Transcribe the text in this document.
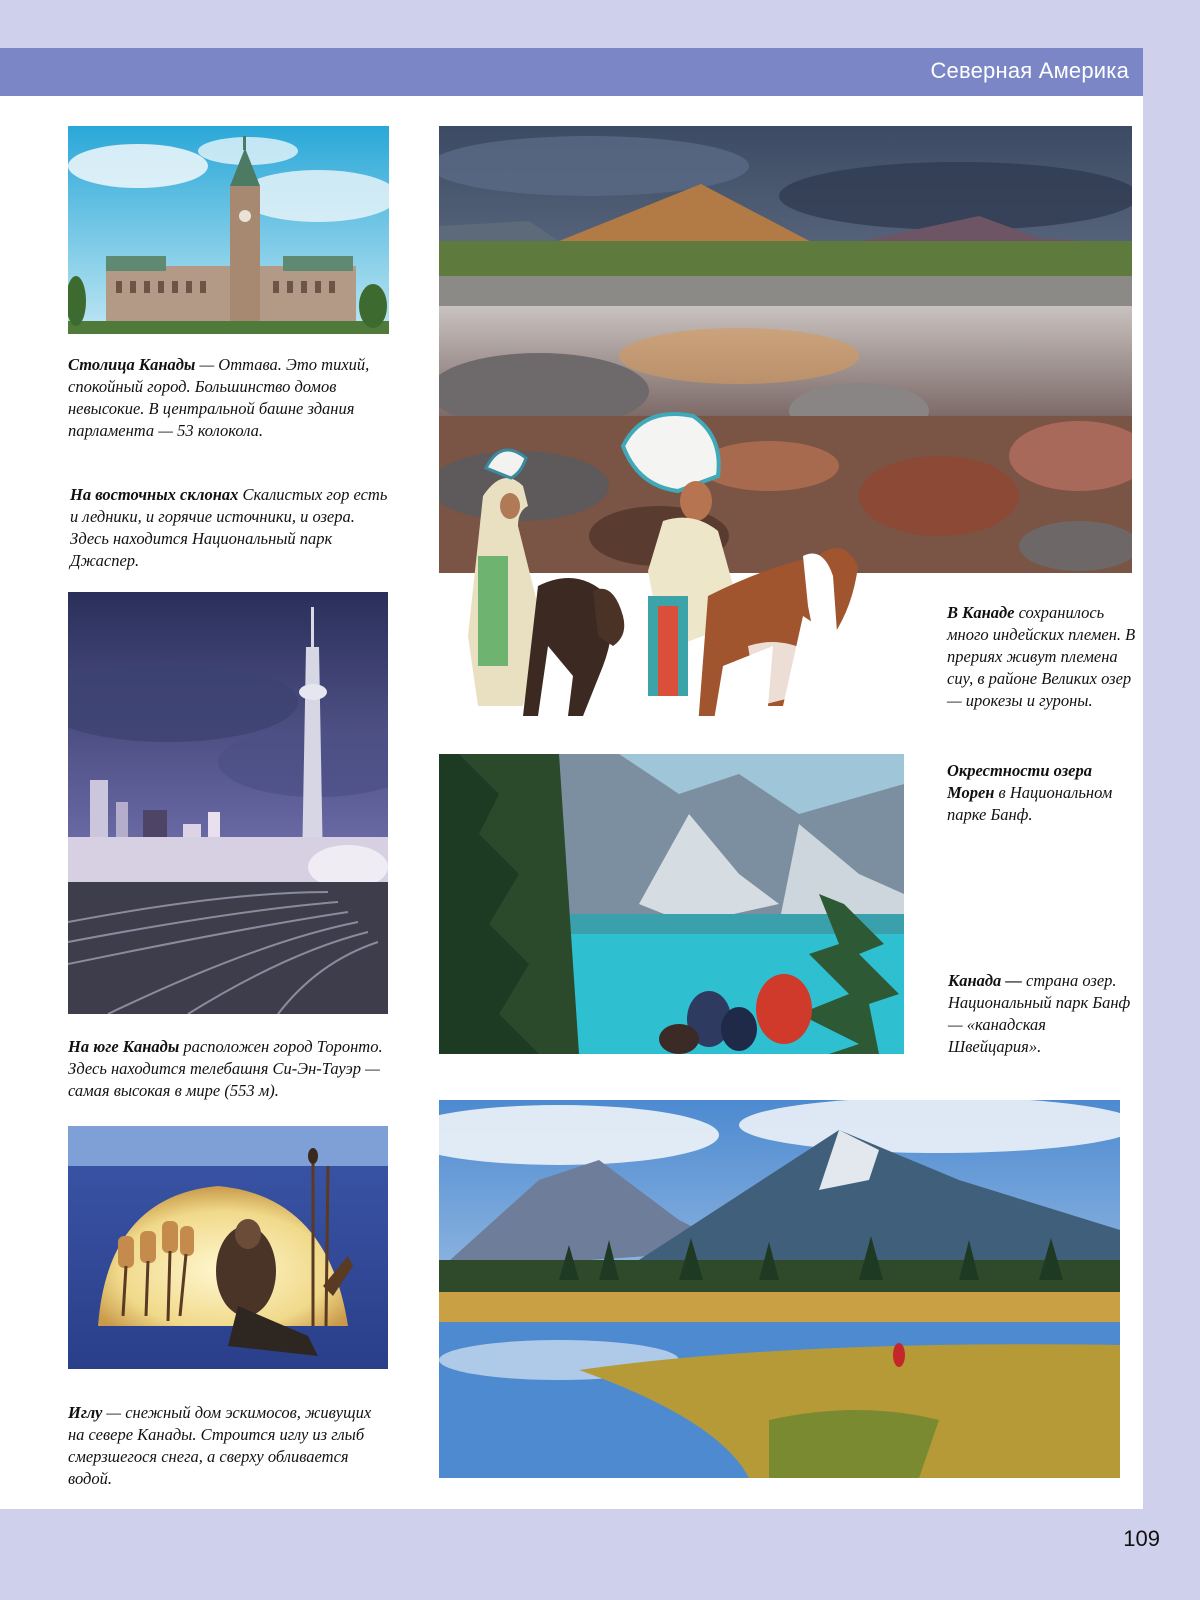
Северная Америка

Столица Канады — Оттава. Это тихий, спокойный город. Большинство домов невысокие. В центральной башне здания парламента — 53 колокола.

На восточных склонах Скалистых гор есть и ледники, и горячие источники, и озера. Здесь находится Национальный парк Джаспер.

В Канаде сохранилось много индейских племен. В прериях живут племена сиу, в районе Великих озер — ирокезы и гуроны.

Окрестности озера Морен в Национальном парке Банф.

Канада — страна озер. Национальный парк Банф — «канадская Швейцария».

На юге Канады расположен город Торонто. Здесь находится телебашня Си-Эн-Тауэр — самая высокая в мире (553 м).

Иглу — снежный дом эскимосов, живущих на севере Канады. Строится иглу из глыб смерзшегося снега, а сверху обливается водой.

109
